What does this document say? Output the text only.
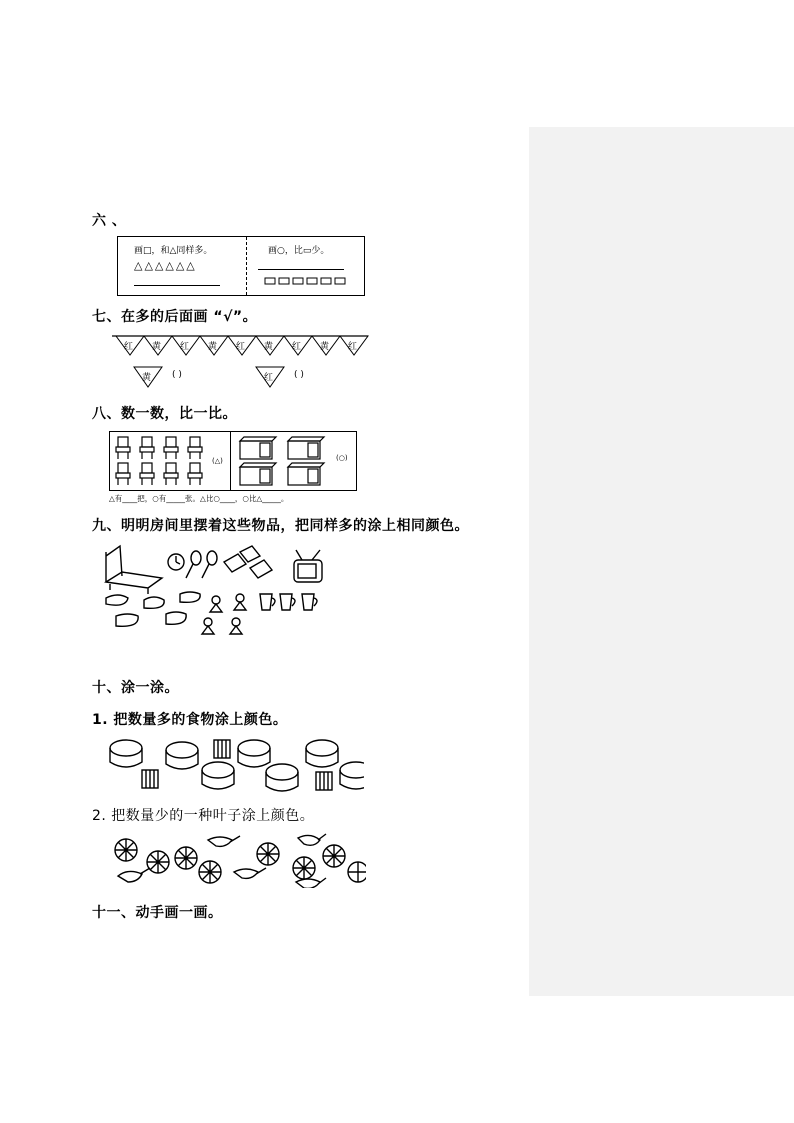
六 、
画□，和△同样多。
△△△△△△
画○，比▭少。
七、在多的后面画 “√”。
红 黄 红 黄 红 黄 红 黄 红
黄 ( )	红 ( )
八、数一数，比一比。
(△)	(○)
△有____把，○有_____张。△比○____，○比△_____。
九、明明房间里摆着这些物品，把同样多的涂上相同颜色。
十、涂一涂。
1. 把数量多的食物涂上颜色。
2. 把数量少的一种叶子涂上颜色。
十一、动手画一画。
